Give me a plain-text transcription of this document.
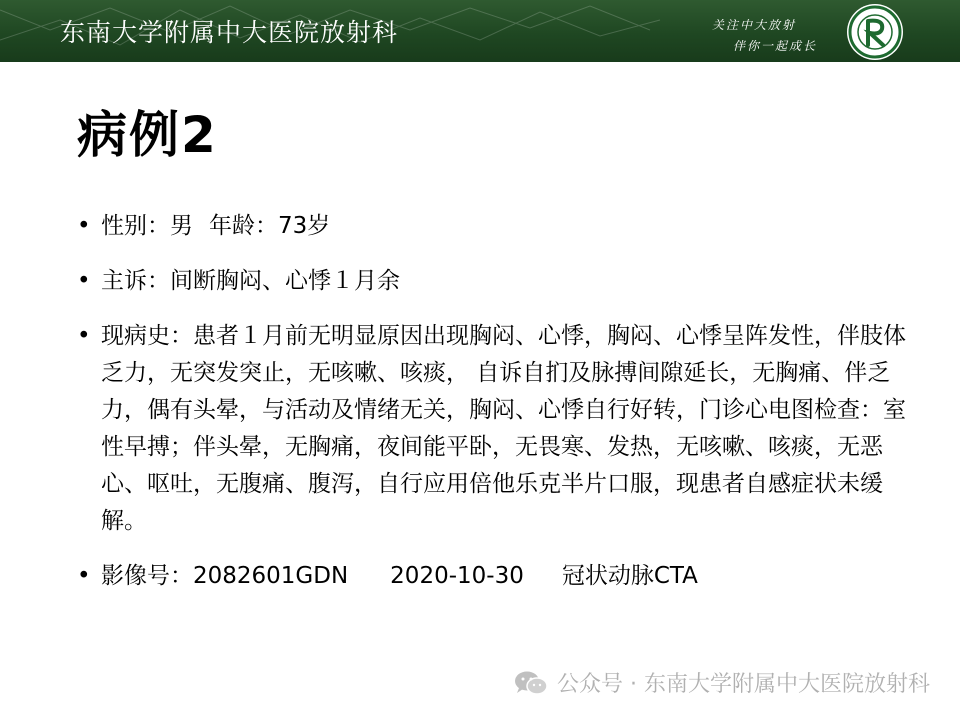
东南大学附属中大医院放射科	关注中大放射
伴你一起成长
病例2
• 性别：男 年龄：73岁
• 主诉：间断胸闷、心悸１月余
• 现病史：患者１月前无明显原因出现胸闷、心悸，胸闷、心悸呈阵发性，伴肢体乏力，无突发突止，无咳嗽、咳痰， 自诉自扪及脉搏间隙延长，无胸痛、伴乏力，偶有头晕，与活动及情绪无关，胸闷、心悸自行好转，门诊心电图检查：室性早搏；伴头晕，无胸痛，夜间能平卧，无畏寒、发热，无咳嗽、咳痰，无恶心、呕吐，无腹痛、腹泻，自行应用倍他乐克半片口服，现患者自感症状未缓解。
• 影像号：2082601GDN 2020-10-30 冠状动脉CTA
公众号 · 东南大学附属中大医院放射科
